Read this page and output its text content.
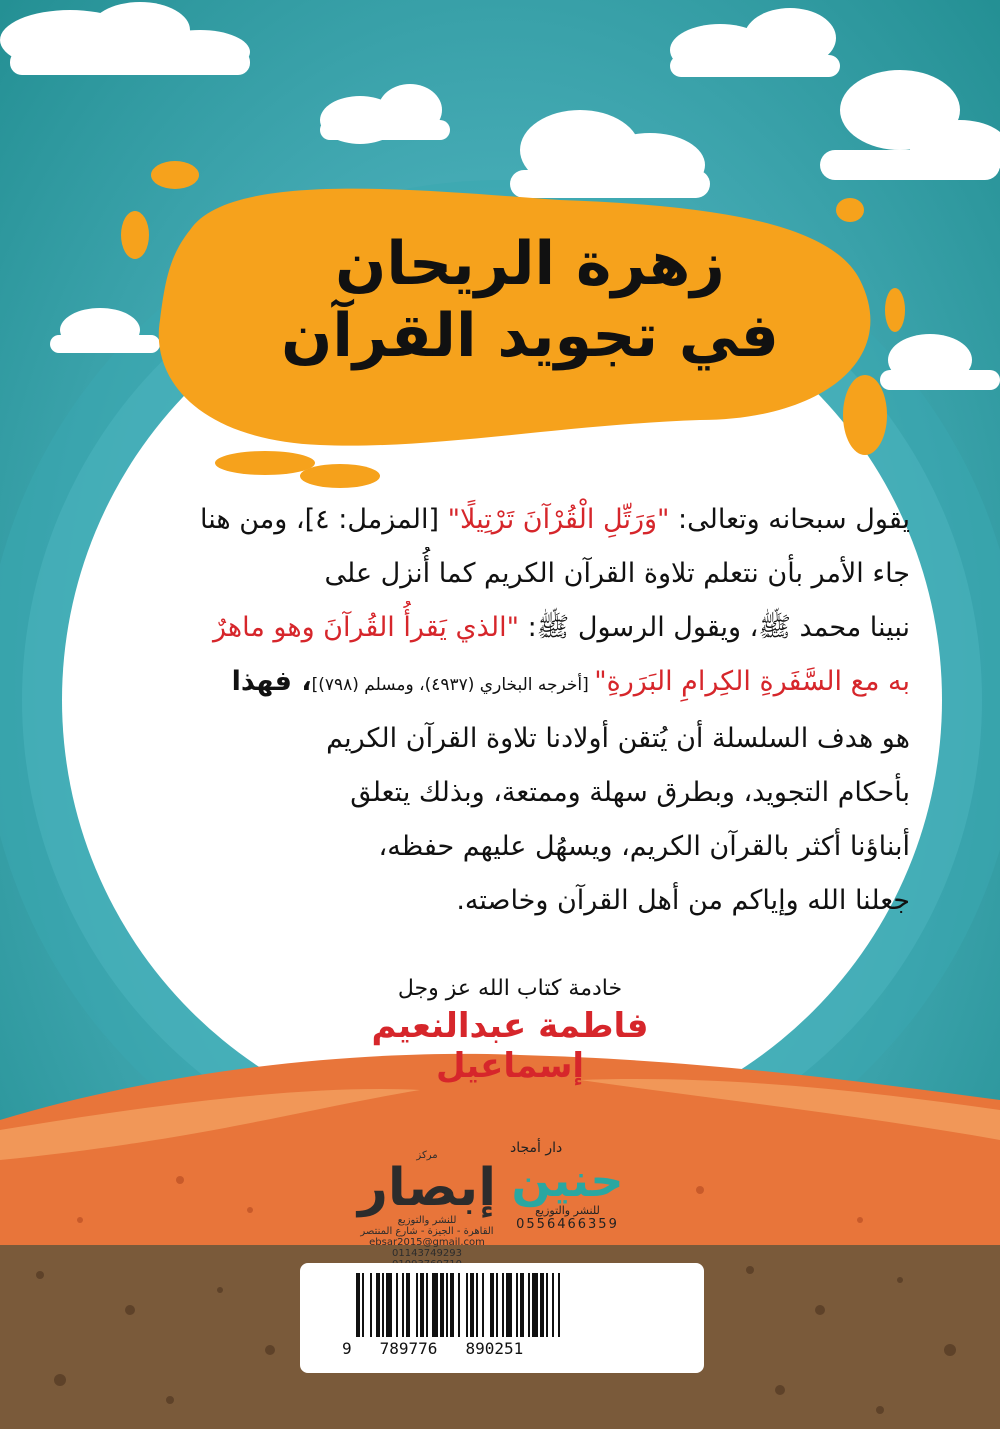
زهرة الريحان
في تجويد القرآن
يقول سبحانه وتعالى: "وَرَتِّلِ الْقُرْآنَ تَرْتِيلًا" [المزمل: ٤]، ومن هنا
جاء الأمر بأن نتعلم تلاوة القرآن الكريم كما أُنزل على
نبينا محمد ﷺ، ويقول الرسول ﷺ: "الذي يَقرأُ القُرآنَ وهو ماهرٌ
به مع السَّفَرةِ الكِرامِ البَرَرةِ" [أخرجه البخاري (٤٩٣٧)، ومسلم (٧٩٨)]، فهذا
هو هدف السلسلة أن يُتقن أولادنا تلاوة القرآن الكريم
بأحكام التجويد، وبطرق سهلة وممتعة، وبذلك يتعلق
أبناؤنا أكثر بالقرآن الكريم، ويسهُل عليهم حفظه،
جعلنا الله وإياكم من أهل القرآن وخاصته.
خادمة كتاب الله عز وجل
فاطمة عبدالنعيم إسماعيل
مركز
إبصار
للنشر والتوزيع
القاهرة - الجيزة - شارع المنتصر
ebsar2015@gmail.com
01143749293
دار أمجاد
حنين
للنشر والتوزيع
0556466359
9 789776 890251
